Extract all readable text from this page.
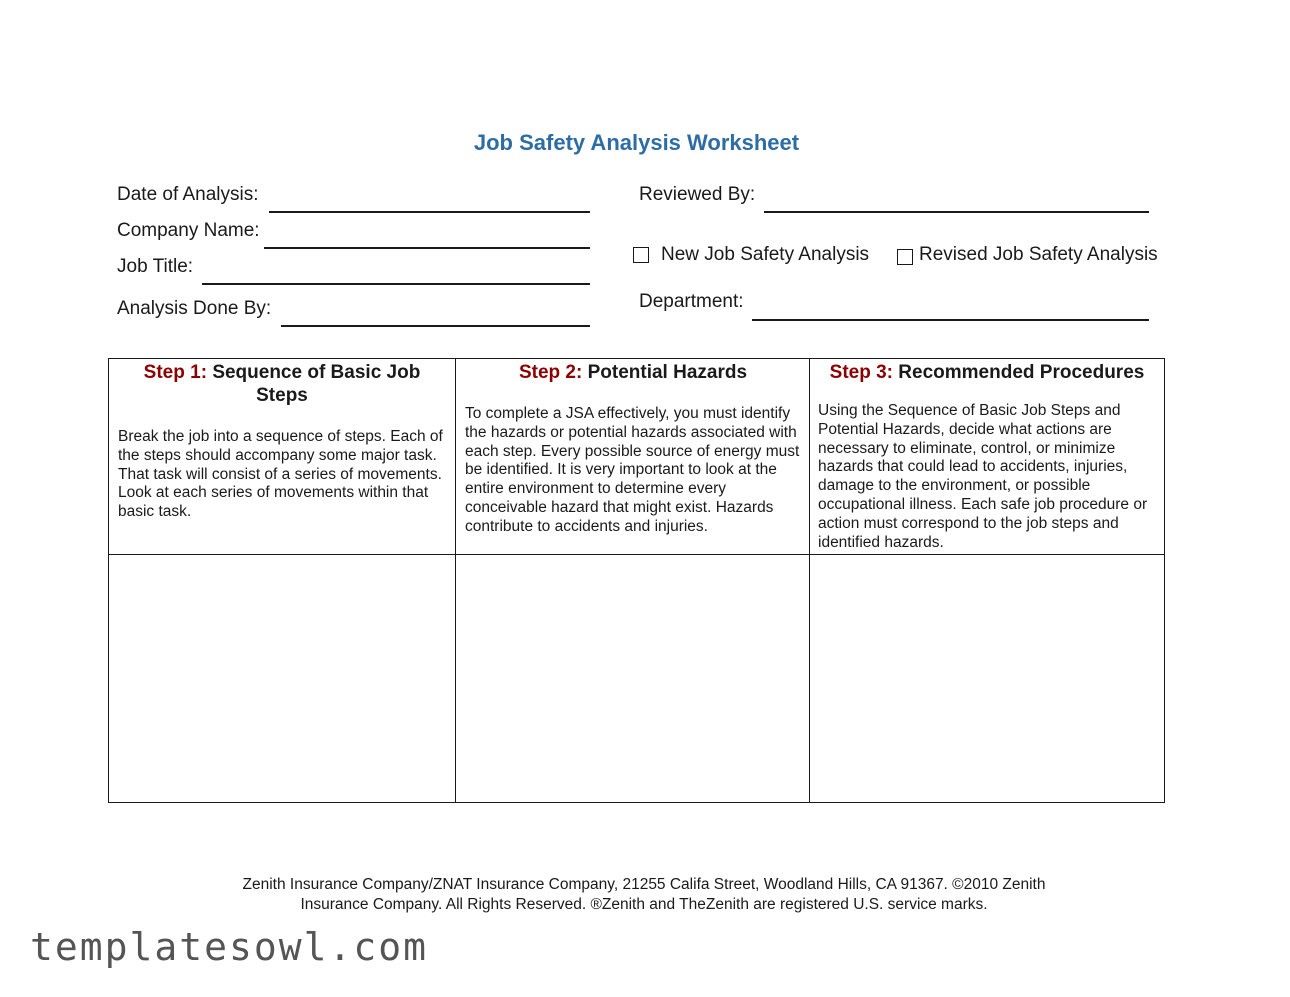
Job Safety Analysis Worksheet
Date of Analysis:
Company Name:
Job Title:
Analysis Done By:
Reviewed By:
New Job Safety Analysis	Revised Job Safety Analysis
Department:
Step 1: Sequence of Basic Job Steps
Break the job into a sequence of steps. Each of the steps should accompany some major task. That task will consist of a series of movements. Look at each series of movements within that basic task.
Step 2: Potential Hazards
To complete a JSA effectively, you must identify the hazards or potential hazards associated with each step. Every possible source of energy must be identified. It is very important to look at the entire environment to determine every conceivable hazard that might exist. Hazards contribute to accidents and injuries.
Step 3: Recommended Procedures
Using the Sequence of Basic Job Steps and Potential Hazards, decide what actions are necessary to eliminate, control, or minimize hazards that could lead to accidents, injuries, damage to the environment, or possible occupational illness. Each safe job procedure or action must correspond to the job steps and identified hazards.
Zenith Insurance Company/ZNAT Insurance Company, 21255 Califa Street, Woodland Hills, CA 91367. ©2010 Zenith
Insurance Company. All Rights Reserved. ®Zenith and TheZenith are registered U.S. service marks.
templatesowl.com
